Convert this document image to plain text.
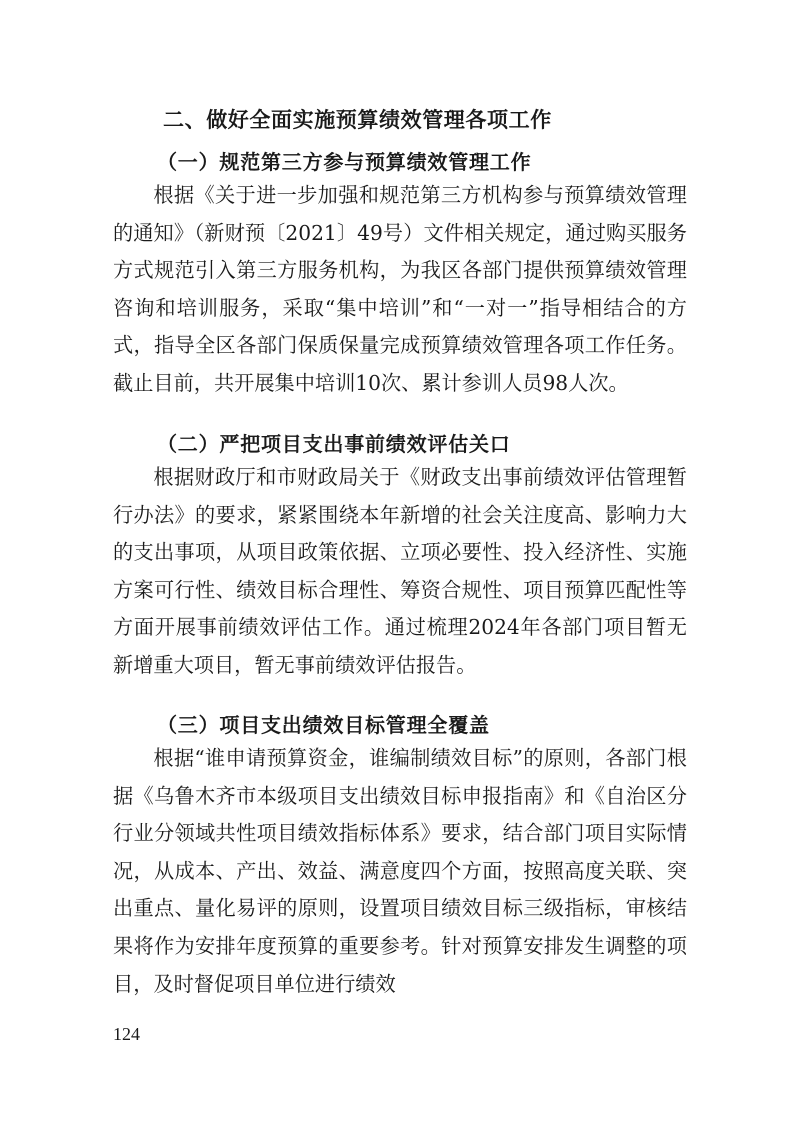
二、做好全面实施预算绩效管理各项工作
（一）规范第三方参与预算绩效管理工作

根据《关于进一步加强和规范第三方机构参与预算绩效管理的通知》（新财预〔2021〕49号）文件相关规定，通过购买服务方式规范引入第三方服务机构，为我区各部门提供预算绩效管理咨询和培训服务，采取“集中培训”和“一对一”指导相结合的方式，指导全区各部门保质保量完成预算绩效管理各项工作任务。截止目前，共开展集中培训10次、累计参训人员98人次。

（二）严把项目支出事前绩效评估关口

根据财政厅和市财政局关于《财政支出事前绩效评估管理暂行办法》的要求，紧紧围绕本年新增的社会关注度高、影响力大的支出事项，从项目政策依据、立项必要性、投入经济性、实施方案可行性、绩效目标合理性、筹资合规性、项目预算匹配性等方面开展事前绩效评估工作。通过梳理2024年各部门项目暂无新增重大项目，暂无事前绩效评估报告。

（三）项目支出绩效目标管理全覆盖

根据“谁申请预算资金，谁编制绩效目标”的原则，各部门根据《乌鲁木齐市本级项目支出绩效目标申报指南》和《自治区分行业分领域共性项目绩效指标体系》要求，结合部门项目实际情况，从成本、产出、效益、满意度四个方面，按照高度关联、突出重点、量化易评的原则，设置项目绩效目标三级指标，审核结果将作为安排年度预算的重要参考。针对预算安排发生调整的项目，及时督促项目单位进行绩效

124
